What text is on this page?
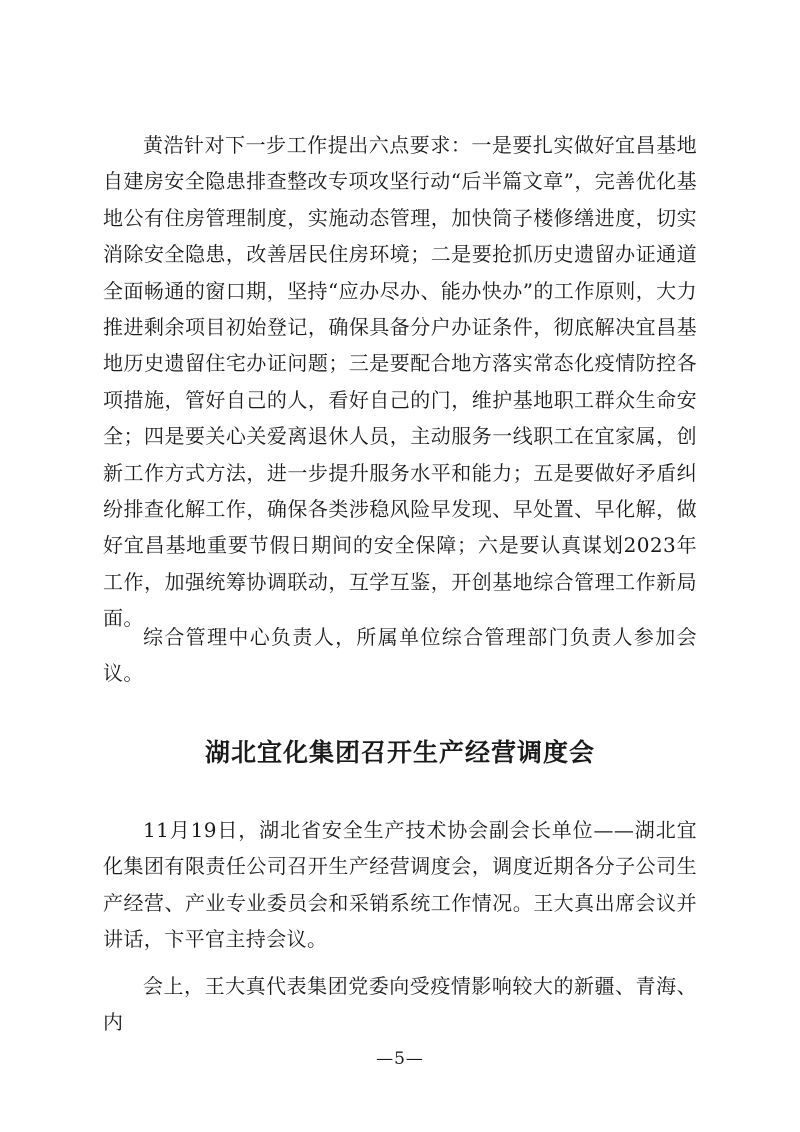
黄浩针对下一步工作提出六点要求：一是要扎实做好宜昌基地自建房安全隐患排查整改专项攻坚行动“后半篇文章”，完善优化基地公有住房管理制度，实施动态管理，加快筒子楼修缮进度，切实消除安全隐患，改善居民住房环境；二是要抢抓历史遗留办证通道全面畅通的窗口期，坚持“应办尽办、能办快办”的工作原则，大力推进剩余项目初始登记，确保具备分户办证条件，彻底解决宜昌基地历史遗留住宅办证问题；三是要配合地方落实常态化疫情防控各项措施，管好自己的人，看好自己的门，维护基地职工群众生命安全；四是要关心关爱离退休人员，主动服务一线职工在宜家属，创新工作方式方法，进一步提升服务水平和能力；五是要做好矛盾纠纷排查化解工作，确保各类涉稳风险早发现、早处置、早化解，做好宜昌基地重要节假日期间的安全保障；六是要认真谋划2023年工作，加强统筹协调联动，互学互鉴，开创基地综合管理工作新局面。

综合管理中心负责人，所属单位综合管理部门负责人参加会议。

湖北宜化集团召开生产经营调度会

11月19日，湖北省安全生产技术协会副会长单位——湖北宜化集团有限责任公司召开生产经营调度会，调度近期各分子公司生产经营、产业专业委员会和采销系统工作情况。王大真出席会议并讲话，卞平官主持会议。

会上，王大真代表集团党委向受疫情影响较大的新疆、青海、内

—5—
